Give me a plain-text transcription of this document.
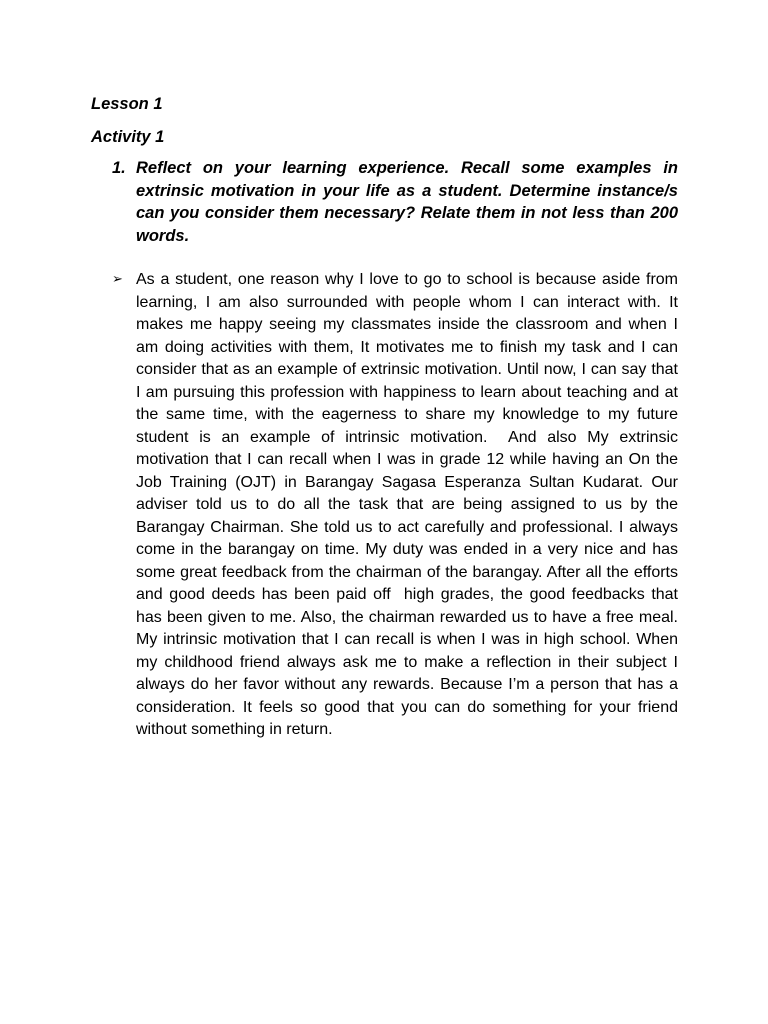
Lesson 1

Activity 1

1. Reflect on your learning experience. Recall some examples in extrinsic motivation in your life as a student. Determine instance/s can you consider them necessary? Relate them in not less than 200 words.
➢ As a student, one reason why I love to go to school is because aside from learning, I am also surrounded with people whom I can interact with. It makes me happy seeing my classmates inside the classroom and when I am doing activities with them, It motivates me to finish my task and I can consider that as an example of extrinsic motivation. Until now, I can say that I am pursuing this profession with happiness to learn about teaching and at the same time, with the eagerness to share my knowledge to my future student is an example of intrinsic motivation.  And also My extrinsic motivation that I can recall when I was in grade 12 while having an On the Job Training (OJT) in Barangay Sagasa Esperanza Sultan Kudarat. Our adviser told us to do all the task that are being assigned to us by the Barangay Chairman. She told us to act carefully and professional. I always come in the barangay on time. My duty was ended in a very nice and has some great feedback from the chairman of the barangay. After all the efforts and good deeds has been paid off  high grades, the good feedbacks that has been given to me. Also, the chairman rewarded us to have a free meal. My intrinsic motivation that I can recall is when I was in high school. When my childhood friend always ask me to make a reflection in their subject I always do her favor without any rewards. Because I’m a person that has a consideration. It feels so good that you can do something for your friend without something in return.
